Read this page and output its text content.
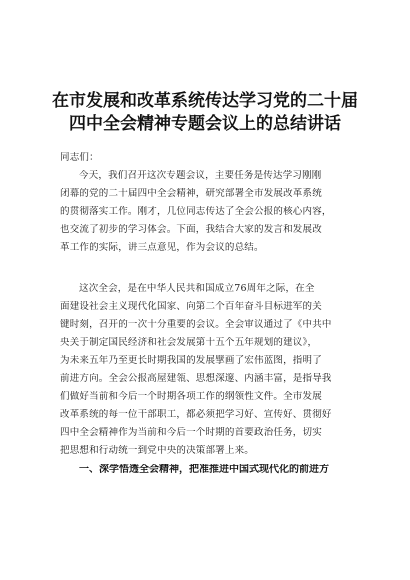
在市发展和改革系统传达学习党的二十届
四中全会精神专题会议上的总结讲话
同志们：
今天，我们召开这次专题会议，主要任务是传达学习刚刚
闭幕的党的二十届四中全会精神，研究部署全市发展改革系统
的贯彻落实工作。刚才，几位同志传达了全会公报的核心内容，
也交流了初步的学习体会。下面，我结合大家的发言和发展改
革工作的实际，讲三点意见，作为会议的总结。
这次全会，是在中华人民共和国成立76周年之际，在全
面建设社会主义现代化国家、向第二个百年奋斗目标进军的关
键时刻，召开的一次十分重要的会议。全会审议通过了《中共中
央关于制定国民经济和社会发展第十五个五年规划的建议》，
为未来五年乃至更长时期我国的发展擘画了宏伟蓝图，指明了
前进方向。全会公报高屋建瓴、思想深邃、内涵丰富，是指导我
们做好当前和今后一个时期各项工作的纲领性文件。全市发展
改革系统的每一位干部职工，都必须把学习好、宣传好、贯彻好
四中全会精神作为当前和今后一个时期的首要政治任务，切实
把思想和行动统一到党中央的决策部署上来。
一、深学悟透全会精神，把准推进中国式现代化的前进方
